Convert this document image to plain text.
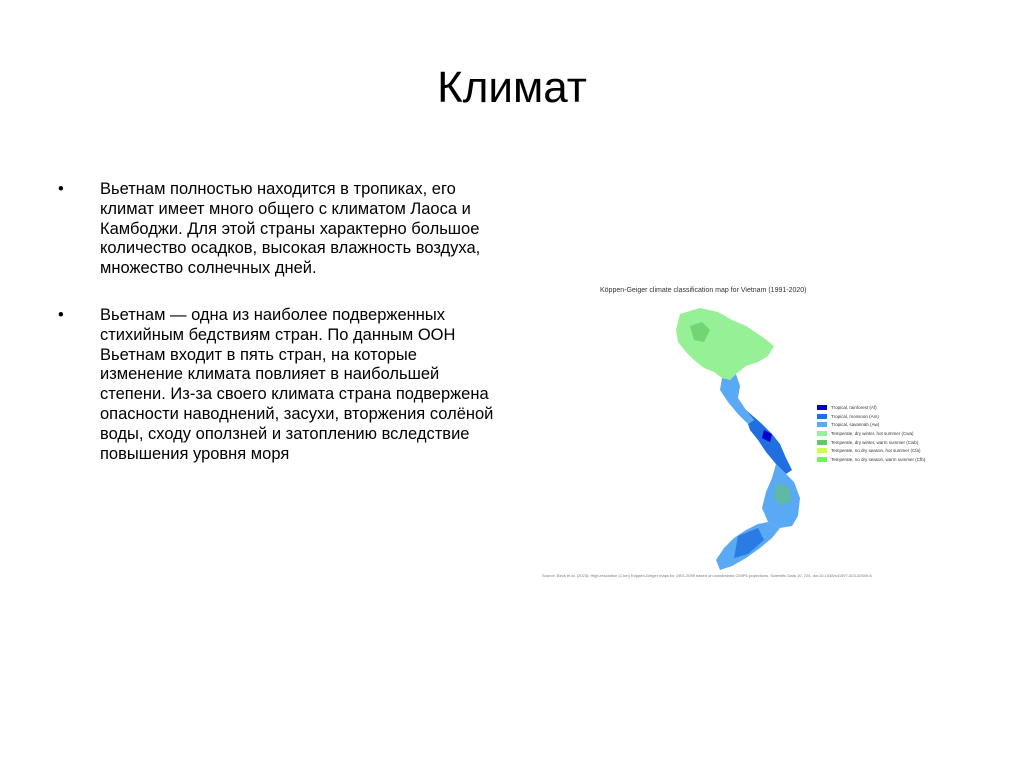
Климат
• Вьетнам полностью находится в тропиках, его климат имеет много общего с климатом Лаоса и Камбоджи. Для этой страны характерно большое количество осадков, высокая влажность воздуха, множество солнечных дней.
• Вьетнам — одна из наиболее подверженных стихийным бедствиям стран. По данным ООН Вьетнам входит в пять стран, на которые изменение климата повлияет в наибольшей степени. Из-за своего климата страна подвержена опасности наводнений, засухи, вторжения солёной воды, сходу оползней и затоплению вследствие повышения уровня моря
Köppen-Geiger climate classification map for Vietnam (1991-2020)
Tropical, rainforest (Af)
Tropical, monsoon (Am)
Tropical, savannah (Aw)
Temperate, dry winter, hot summer (Cwa)
Temperate, dry winter, warm summer (Cwb)
Temperate, no dry season, hot summer (Cfa)
Temperate, no dry season, warm summer (Cfb)
Source: Beck et al. (2023): High-resolution (1 km) Köppen-Geiger maps for 1901-2099 based on constrained CMIP6 projections. Scientific Data 10, 724, doi:10.1038/s41597-023-02549-6
